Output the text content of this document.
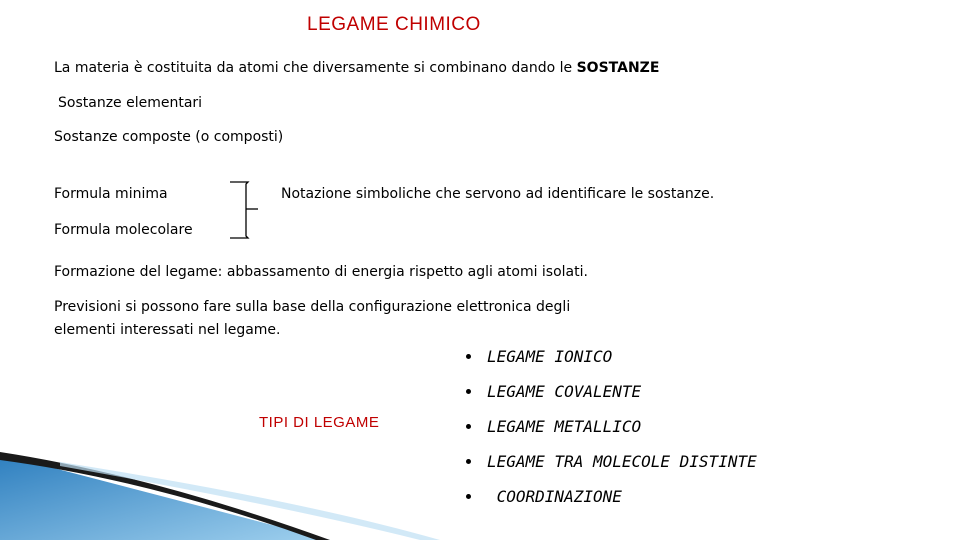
LEGAME CHIMICO
La materia è costituita da atomi che diversamente si combinano dando le SOSTANZE
Sostanze elementari
Sostanze composte (o composti)
Formula minima	Notazione simboliche che servono ad identificare le sostanze.
Formula molecolare
Formazione del legame: abbassamento di energia rispetto agli atomi isolati.
Previsioni si possono fare sulla base della configurazione elettronica degli
elementi interessati nel legame.
TIPI DI LEGAME
LEGAME IONICO
LEGAME COVALENTE
LEGAME METALLICO
LEGAME TRA MOLECOLE DISTINTE
COORDINAZIONE
